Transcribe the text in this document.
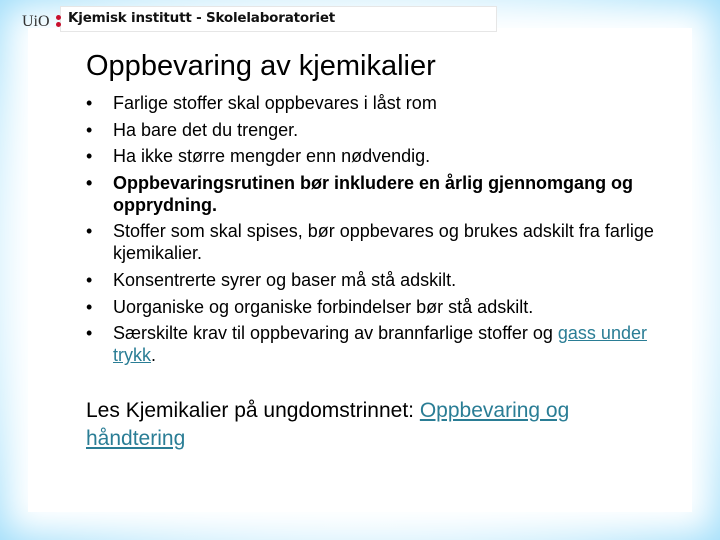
UiO Kjemisk institutt - Skolelaboratoriet
Oppbevaring av kjemikalier
• Farlige stoffer skal oppbevares i låst rom
• Ha bare det du trenger.
• Ha ikke større mengder enn nødvendig.
• Oppbevaringsrutinen bør inkludere en årlig gjennomgang og opprydning.
• Stoffer som skal spises, bør oppbevares og brukes adskilt fra farlige kjemikalier.
• Konsentrerte syrer og baser må stå adskilt.
• Uorganiske og organiske forbindelser bør stå adskilt.
• Særskilte krav til oppbevaring av brannfarlige stoffer og gass under trykk.
Les Kjemikalier på ungdomstrinnet: Oppbevaring og håndtering
